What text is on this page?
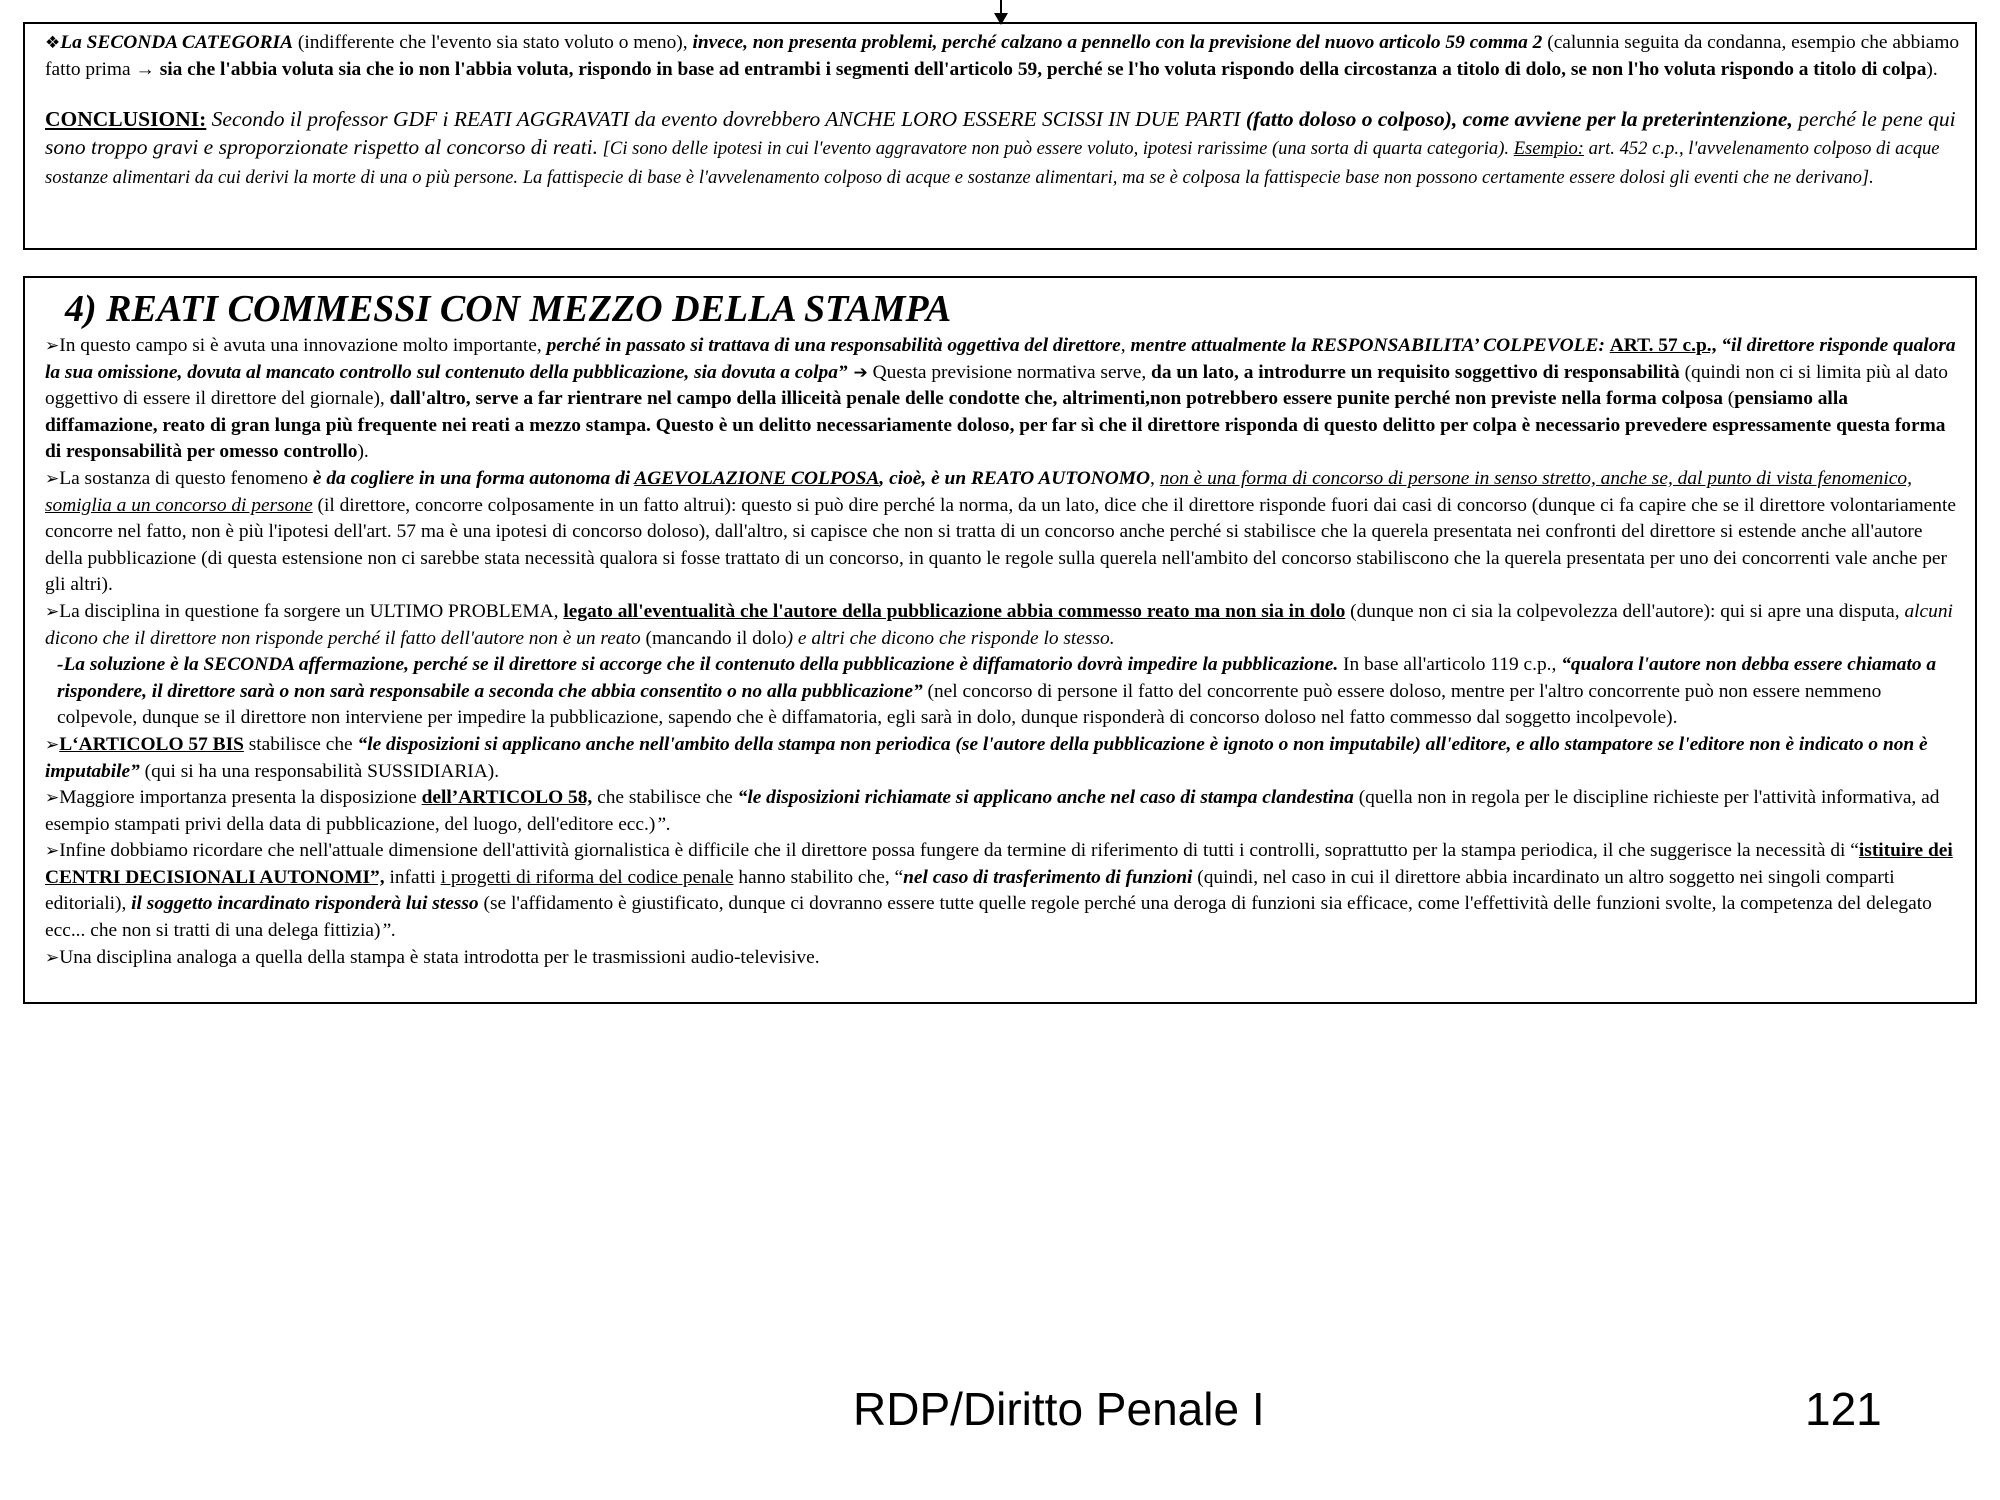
❖La SECONDA CATEGORIA (indifferente che l'evento sia stato voluto o meno), invece, non presenta problemi, perché calzano a pennello con la previsione del nuovo articolo 59 comma 2 (calunnia seguita da condanna, esempio che abbiamo fatto prima → sia che l'abbia voluta sia che io non l'abbia voluta, rispondo in base ad entrambi i segmenti dell'articolo 59, perché se l'ho voluta rispondo della circostanza a titolo di dolo, se non l'ho voluta rispondo a titolo di colpa).

CONCLUSIONI: Secondo il professor GDF i REATI AGGRAVATI da evento dovrebbero ANCHE LORO ESSERE SCISSI IN DUE PARTI (fatto doloso o colposo), come avviene per la preterintenzione, perché le pene qui sono troppo gravi e sproporzionate rispetto al concorso di reati. [Ci sono delle ipotesi in cui l'evento aggravatore non può essere voluto, ipotesi rarissime (una sorta di quarta categoria). Esempio: art. 452 c.p., l'avvelenamento colposo di acque sostanze alimentari da cui derivi la morte di una o più persone. La fattispecie di base è l'avvelenamento colposo di acque e sostanze alimentari, ma se è colposa la fattispecie base non possono certamente essere dolosi gli eventi che ne derivano].

4) REATI COMMESSI CON MEZZO DELLA STAMPA

➢In questo campo si è avuta una innovazione molto importante, perché in passato si trattava di una responsabilità oggettiva del direttore, mentre attualmente la RESPONSABILITA’ COLPEVOLE: ART. 57 c.p., “il direttore risponde qualora la sua omissione, dovuta al mancato controllo sul contenuto della pubblicazione, sia dovuta a colpa” ➔ Questa previsione normativa serve, da un lato, a introdurre un requisito soggettivo di responsabilità (quindi non ci si limita più al dato oggettivo di essere il direttore del giornale), dall'altro, serve a far rientrare nel campo della illiceità penale delle condotte che, altrimenti,non potrebbero essere punite perché non previste nella forma colposa (pensiamo alla diffamazione, reato di gran lunga più frequente nei reati a mezzo stampa. Questo è un delitto necessariamente doloso, per far sì che il direttore risponda di questo delitto per colpa è necessario prevedere espressamente questa forma di responsabilità per omesso controllo).

➢La sostanza di questo fenomeno è da cogliere in una forma autonoma di AGEVOLAZIONE COLPOSA, cioè, è un REATO AUTONOMO, non è una forma di concorso di persone in senso stretto, anche se, dal punto di vista fenomenico, somiglia a un concorso di persone (il direttore, concorre colposamente in un fatto altrui): questo si può dire perché la norma, da un lato, dice che il direttore risponde fuori dai casi di concorso (dunque ci fa capire che se il direttore volontariamente concorre nel fatto, non è più l'ipotesi dell'art. 57 ma è una ipotesi di concorso doloso), dall'altro, si capisce che non si tratta di un concorso anche perché si stabilisce che la querela presentata nei confronti del direttore si estende anche all'autore della pubblicazione (di questa estensione non ci sarebbe stata necessità qualora si fosse trattato di un concorso, in quanto le regole sulla querela nell'ambito del concorso stabiliscono che la querela presentata per uno dei concorrenti vale anche per gli altri).

➢La disciplina in questione fa sorgere un ULTIMO PROBLEMA, legato all'eventualità che l'autore della pubblicazione abbia commesso reato ma non sia in dolo (dunque non ci sia la colpevolezza dell'autore): qui si apre una disputa, alcuni dicono che il direttore non risponde perché il fatto dell'autore non è un reato (mancando il dolo) e altri che dicono che risponde lo stesso.

-La soluzione è la SECONDA affermazione, perché se il direttore si accorge che il contenuto della pubblicazione è diffamatorio dovrà impedire la pubblicazione. In base all'articolo 119 c.p., “qualora l'autore non debba essere chiamato a rispondere, il direttore sarà o non sarà responsabile a seconda che abbia consentito o no alla pubblicazione” (nel concorso di persone il fatto del concorrente può essere doloso, mentre per l'altro concorrente può non essere nemmeno colpevole, dunque se il direttore non interviene per impedire la pubblicazione, sapendo che è diffamatoria, egli sarà in dolo, dunque risponderà di concorso doloso nel fatto commesso dal soggetto incolpevole).

➢L‘ARTICOLO 57 BIS stabilisce che “le disposizioni si applicano anche nell'ambito della stampa non periodica (se l'autore della pubblicazione è ignoto o non imputabile) all'editore, e allo stampatore se l'editore non è indicato o non è imputabile” (qui si ha una responsabilità SUSSIDIARIA).

➢Maggiore importanza presenta la disposizione dell’ARTICOLO 58, che stabilisce che “le disposizioni richiamate si applicano anche nel caso di stampa clandestina (quella non in regola per le discipline richieste per l'attività informativa, ad esempio stampati privi della data di pubblicazione, del luogo, dell'editore ecc.)”.

➢Infine dobbiamo ricordare che nell'attuale dimensione dell'attività giornalistica è difficile che il direttore possa fungere da termine di riferimento di tutti i controlli, soprattutto per la stampa periodica, il che suggerisce la necessità di “istituire dei CENTRI DECISIONALI AUTONOMI”, infatti i progetti di riforma del codice penale hanno stabilito che, “nel caso di trasferimento di funzioni (quindi, nel caso in cui il direttore abbia incardinato un altro soggetto nei singoli comparti editoriali), il soggetto incardinato risponderà lui stesso (se l'affidamento è giustificato, dunque ci dovranno essere tutte quelle regole perché una deroga di funzioni sia efficace, come l'effettività delle funzioni svolte, la competenza del delegato ecc... che non si tratti di una delega fittizia)”.

➢Una disciplina analoga a quella della stampa è stata introdotta per le trasmissioni audio-televisive.

RDP/Diritto Penale I	121
